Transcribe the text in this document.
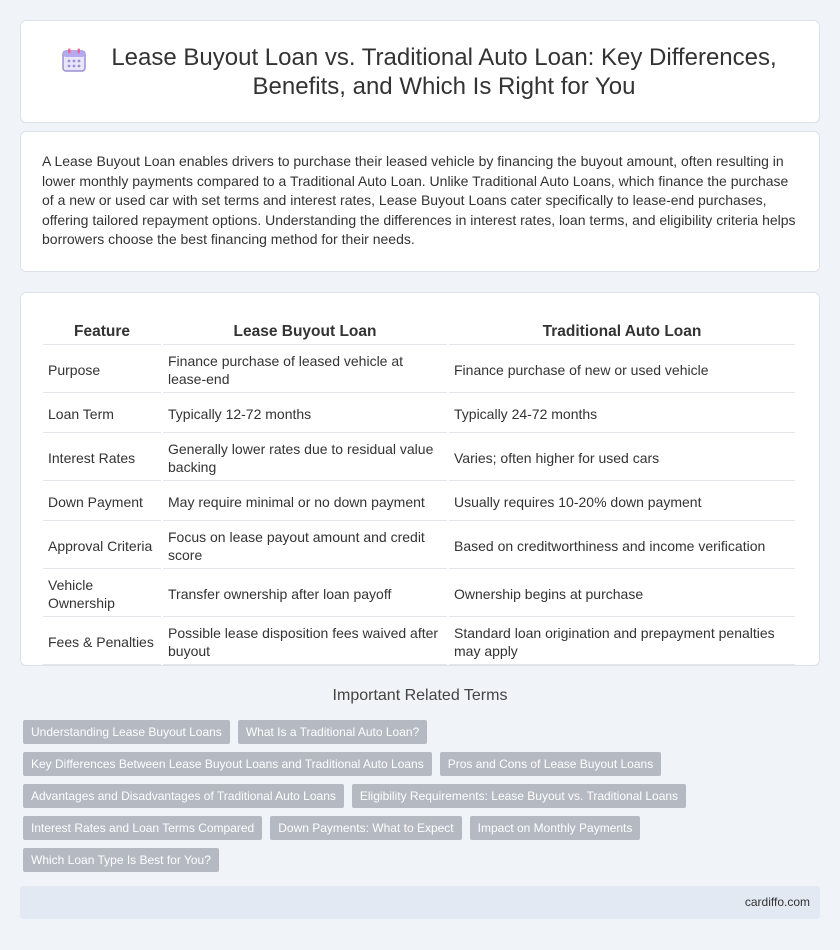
Lease Buyout Loan vs. Traditional Auto Loan: Key Differences, Benefits, and Which Is Right for You

A Lease Buyout Loan enables drivers to purchase their leased vehicle by financing the buyout amount, often resulting in lower monthly payments compared to a Traditional Auto Loan. Unlike Traditional Auto Loans, which finance the purchase of a new or used car with set terms and interest rates, Lease Buyout Loans cater specifically to lease-end purchases, offering tailored repayment options. Understanding the differences in interest rates, loan terms, and eligibility criteria helps borrowers choose the best financing method for their needs.

Feature	Lease Buyout Loan	Traditional Auto Loan
Purpose	Finance purchase of leased vehicle at lease-end	Finance purchase of new or used vehicle
Loan Term	Typically 12-72 months	Typically 24-72 months
Interest Rates	Generally lower rates due to residual value backing	Varies; often higher for used cars
Down Payment	May require minimal or no down payment	Usually requires 10-20% down payment
Approval Criteria	Focus on lease payout amount and credit score	Based on creditworthiness and income verification
Vehicle Ownership	Transfer ownership after loan payoff	Ownership begins at purchase
Fees & Penalties	Possible lease disposition fees waived after buyout	Standard loan origination and prepayment penalties may apply
Important Related Terms
Understanding Lease Buyout Loans	What Is a Traditional Auto Loan?
Key Differences Between Lease Buyout Loans and Traditional Auto Loans	Pros and Cons of Lease Buyout Loans
Advantages and Disadvantages of Traditional Auto Loans	Eligibility Requirements: Lease Buyout vs. Traditional Loans
Interest Rates and Loan Terms Compared	Down Payments: What to Expect	Impact on Monthly Payments
Which Loan Type Is Best for You?
cardiffo.com
